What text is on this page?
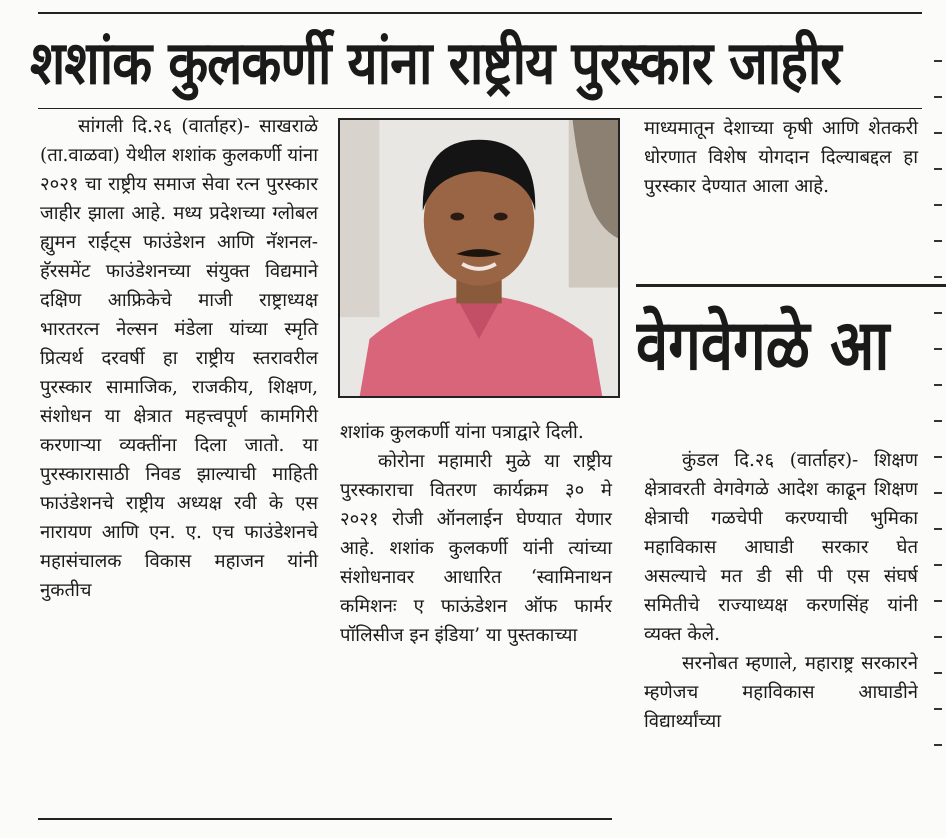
शशांक कुलकर्णी यांना राष्ट्रीय पुरस्कार जाहीर

सांगली दि.२६ (वार्ताहर)- साखराळे (ता.वाळवा) येथील शशांक कुलकर्णी यांना २०२१ चा राष्ट्रीय समाज सेवा रत्न पुरस्कार जाहीर झाला आहे. मध्य प्रदेशच्या ग्लोबल ह्युमन राईट्स फाउंडेशन आणि नॅशनल-हॅरसमेंट फाउंडेशनच्या संयुक्त विद्यमाने दक्षिण आफ्रिकेचे माजी राष्ट्राध्यक्ष भारतरत्न नेल्सन मंडेला यांच्या स्मृति प्रित्यर्थ दरवर्षी हा राष्ट्रीय स्तरावरील पुरस्कार सामाजिक, राजकीय, शिक्षण, संशोधन या क्षेत्रात महत्त्वपूर्ण कामगिरी करणाऱ्या व्यक्तींना दिला जातो. या पुरस्कारासाठी निवड झाल्याची माहिती फाउंडेशनचे राष्ट्रीय अध्यक्ष रवी के एस नारायण आणि एन. ए. एच फाउंडेशनचे महासंचालक विकास महाजन यांनी नुकतीच

शशांक कुलकर्णी यांना पत्राद्वारे दिली.

कोरोना महामारी मुळे या राष्ट्रीय पुरस्काराचा वितरण कार्यक्रम ३० मे २०२१ रोजी ऑनलाईन घेण्यात येणार आहे. शशांक कुलकर्णी यांनी त्यांच्या संशोधनावर आधारित ‘स्वामिनाथन कमिशनः ए फाऊंडेशन ऑफ फार्मर पॉलिसीज इन इंडिया’ या पुस्तकाच्या

माध्यमातून देशाच्या कृषी आणि शेतकरी धोरणात विशेष योगदान दिल्याबद्दल हा पुरस्कार देण्यात आला आहे.

वेगवेगळे आ

कुंडल दि.२६ (वार्ताहर)- शिक्षण क्षेत्रावरती वेगवेगळे आदेश काढून शिक्षण क्षेत्राची गळचेपी करण्याची भुमिका महाविकास आघाडी सरकार घेत असल्याचे मत डी सी पी एस संघर्ष समितीचे राज्याध्यक्ष करणसिंह यांनी व्यक्त केले.

सरनोबत म्हणाले, महाराष्ट्र सरकारने म्हणेजच महाविकास आघाडीने विद्यार्थ्यांच्या
